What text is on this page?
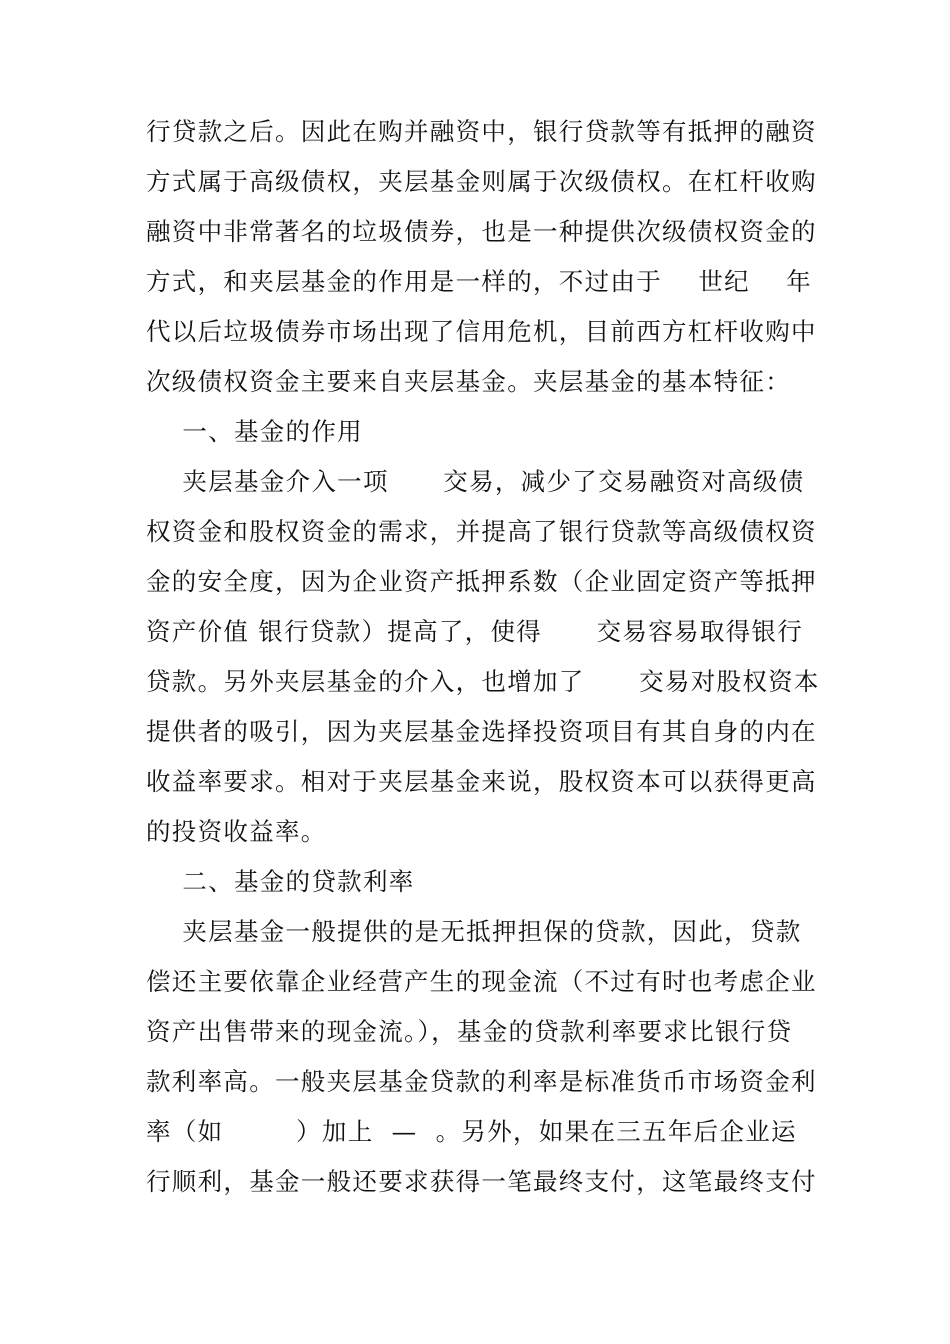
行贷款之后。因此在购并融资中，银行贷款等有抵押的融资
方式属于高级债权，夹层基金则属于次级债权。在杠杆收购
融资中非常著名的垃圾债券，也是一种提供次级债权资金的
方式，和夹层基金的作用是一样的，不过由于    世纪    年
代以后垃圾债券市场出现了信用危机，目前西方杠杆收购中
次级债权资金主要来自夹层基金。夹层基金的基本特征：
一、基金的作用
夹层基金介入一项      交易，减少了交易融资对高级债
权资金和股权资金的需求，并提高了银行贷款等高级债权资
金的安全度，因为企业资产抵押系数（企业固定资产等抵押
资产价值 银行贷款）提高了，使得      交易容易取得银行
贷款。另外夹层基金的介入，也增加了      交易对股权资本
提供者的吸引，因为夹层基金选择投资项目有其自身的内在
收益率要求。相对于夹层基金来说，股权资本可以获得更高
的投资收益率。
二、基金的贷款利率
夹层基金一般提供的是无抵押担保的贷款，因此，贷款
偿还主要依靠企业经营产生的现金流（不过有时也考虑企业
资产出售带来的现金流。），基金的贷款利率要求比银行贷
款利率高。一般夹层基金贷款的利率是标准货币市场资金利
率（如        ）加上  —  。另外，如果在三五年后企业运
行顺利，基金一般还要求获得一笔最终支付，这笔最终支付
